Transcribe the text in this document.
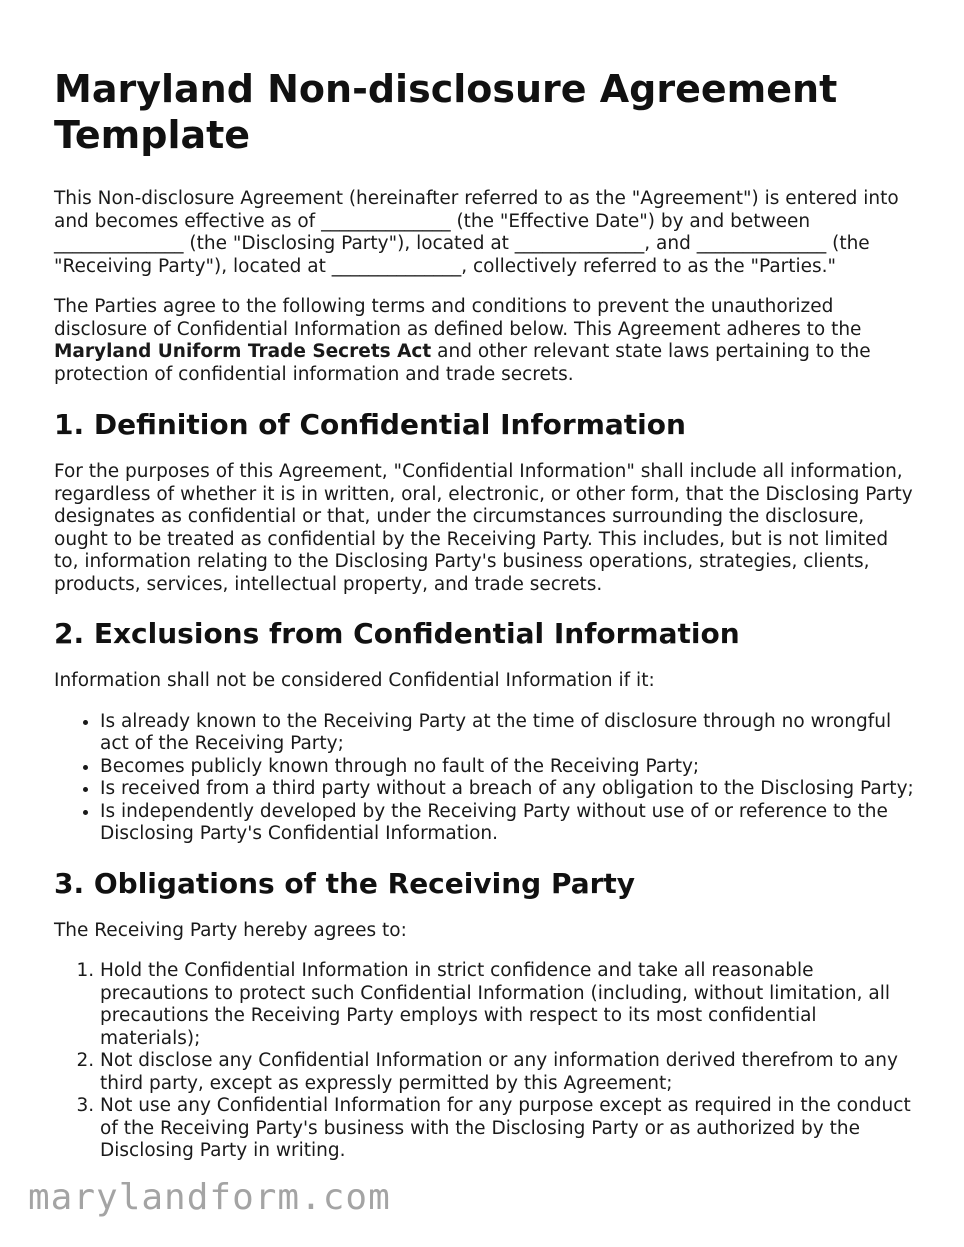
Maryland Non-disclosure Agreement Template

This Non-disclosure Agreement (hereinafter referred to as the "Agreement") is entered into and becomes effective as of ______________ (the "Effective Date") by and between ______________ (the "Disclosing Party"), located at ______________, and ______________ (the "Receiving Party"), located at ______________, collectively referred to as the "Parties."

The Parties agree to the following terms and conditions to prevent the unauthorized disclosure of Confidential Information as defined below. This Agreement adheres to the Maryland Uniform Trade Secrets Act and other relevant state laws pertaining to the protection of confidential information and trade secrets.

1. Definition of Confidential Information

For the purposes of this Agreement, "Confidential Information" shall include all information, regardless of whether it is in written, oral, electronic, or other form, that the Disclosing Party designates as confidential or that, under the circumstances surrounding the disclosure, ought to be treated as confidential by the Receiving Party. This includes, but is not limited to, information relating to the Disclosing Party's business operations, strategies, clients, products, services, intellectual property, and trade secrets.

2. Exclusions from Confidential Information

Information shall not be considered Confidential Information if it:

• Is already known to the Receiving Party at the time of disclosure through no wrongful act of the Receiving Party;
• Becomes publicly known through no fault of the Receiving Party;
• Is received from a third party without a breach of any obligation to the Disclosing Party;
• Is independently developed by the Receiving Party without use of or reference to the Disclosing Party's Confidential Information.
3. Obligations of the Receiving Party

The Receiving Party hereby agrees to:

1. Hold the Confidential Information in strict confidence and take all reasonable precautions to protect such Confidential Information (including, without limitation, all precautions the Receiving Party employs with respect to its most confidential materials);
2. Not disclose any Confidential Information or any information derived therefrom to any third party, except as expressly permitted by this Agreement;
3. Not use any Confidential Information for any purpose except as required in the conduct of the Receiving Party's business with the Disclosing Party or as authorized by the Disclosing Party in writing.
marylandform.com
